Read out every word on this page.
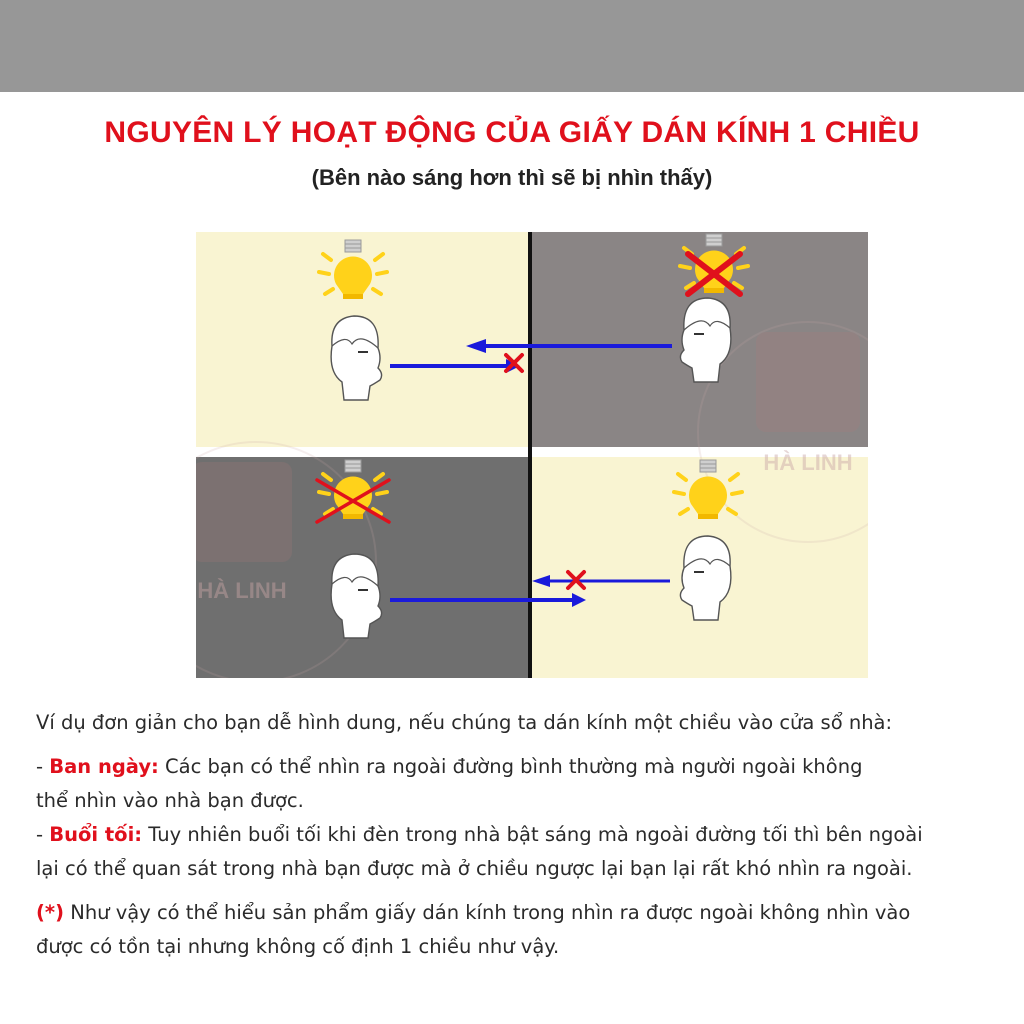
NGUYÊN LÝ HOẠT ĐỘNG CỦA GIẤY DÁN KÍNH 1 CHIỀU
(Bên nào sáng hơn thì sẽ bị nhìn thấy)
HÀ LINH
HÀ LINH

Ví dụ đơn giản cho bạn dễ hình dung, nếu chúng ta dán kính một chiều vào cửa sổ nhà:

- Ban ngày: Các bạn có thể nhìn ra ngoài đường bình thường mà người ngoài không

thể nhìn vào nhà bạn được.

- Buổi tối: Tuy nhiên buổi tối khi đèn trong nhà bật sáng mà ngoài đường tối thì bên ngoài

lại có thể quan sát trong nhà bạn được mà ở chiều ngược lại bạn lại rất khó nhìn ra ngoài.

(*) Như vậy có thể hiểu sản phẩm giấy dán kính trong nhìn ra được ngoài không nhìn vào

được có tồn tại nhưng không cố định 1 chiều như vậy.
